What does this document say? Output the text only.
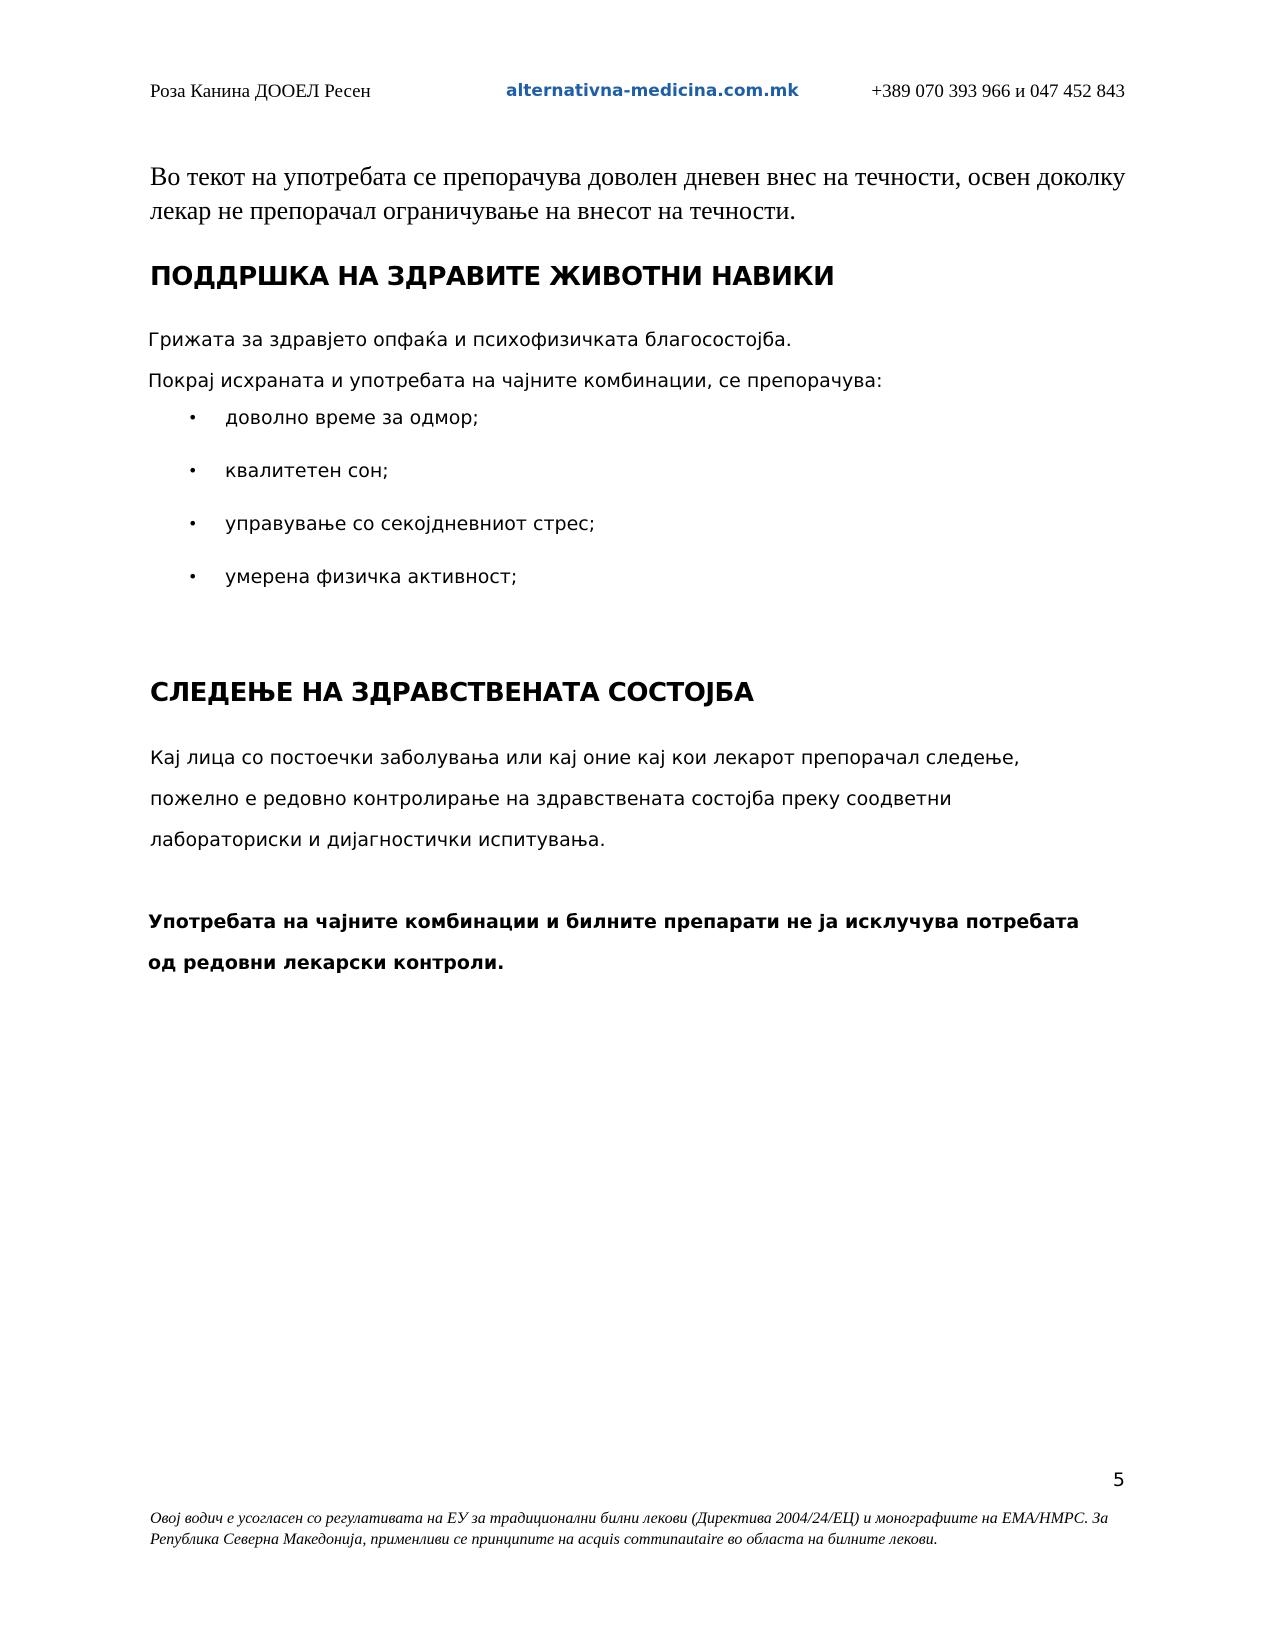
Роза Канина ДООЕЛ Ресен	alternativna-medicina.com.mk	+389 070 393 966 и 047 452 843

Во текот на употребата се препорачува доволен дневен внес на течности, освен доколку лекар не препорачал ограничување на внесот на течности.

ПОДДРШКА НА ЗДРАВИТЕ ЖИВОТНИ НАВИКИ

Грижата за здравјето опфаќа и психофизичката благосостојба.

Покрај исхраната и употребата на чајните комбинации, се препорачува:

• доволно време за одмор;
• квалитетен сон;
• управување со секојдневниот стрес;
• умерена физичка активност;
СЛЕДЕЊЕ НА ЗДРАВСТВЕНАТА СОСТОЈБА

Кај лица со постоечки заболувања или кај оние кај кои лекарот препорачал следење, пожелно е редовно контролирање на здравствената состојба преку соодветни лабораториски и дијагностички испитувања.

Употребата на чајните комбинации и билните препарати не ја исклучува потребата од редовни лекарски контроли.

5

Овој водич е усогласен со регулативата на ЕУ за традиционални билни лекови (Директива 2004/24/ЕЦ) и монографиите на EMA/HMPC. За Република Северна Македонија, применливи се принципите на acquis communautaire во областа на билните лекови.
